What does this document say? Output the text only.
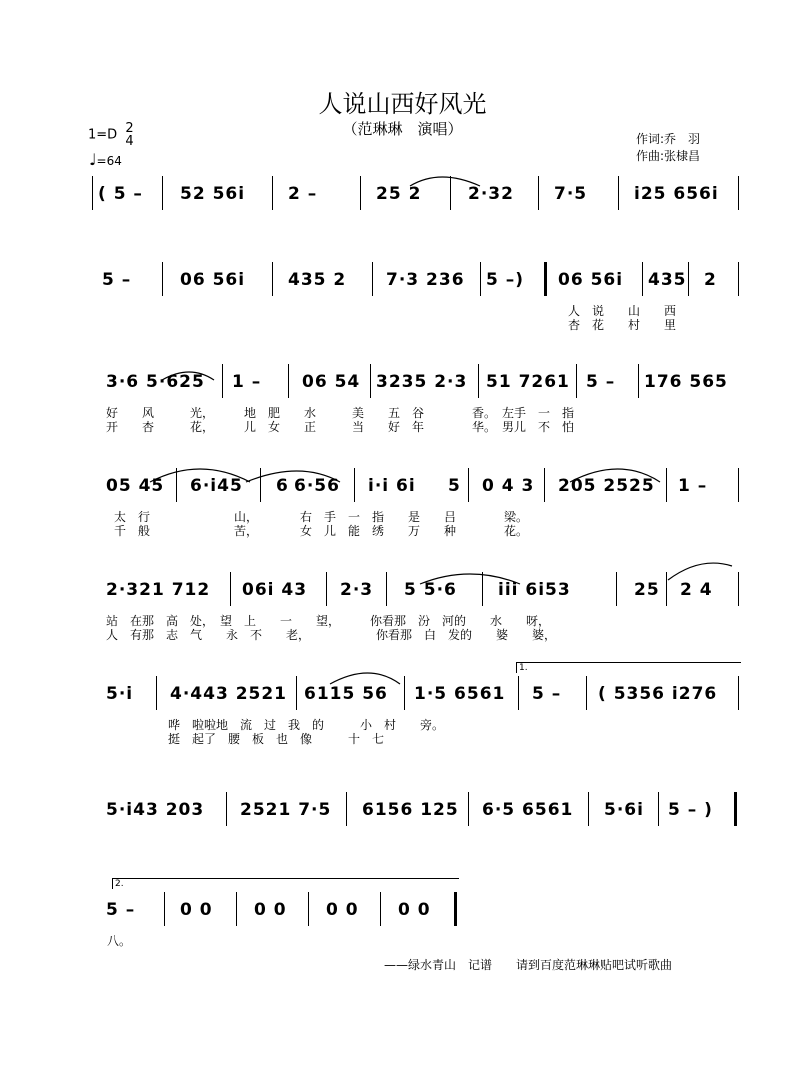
人说山西好风光
（范琳琳　演唱）
作词:乔　羽
作曲:张棣昌
1=D 2
4
♩=64
( 5 – 52 56i	2 –	25 2	2·32 7·5	i25 656i
5 –	06 56i	435 2 7·3 236 5 –) 06 56i 435 2
人　说　　山　　西
杏　花　　村　　里
3·6 5·625 1 – 06 54 3235 2·3 51 7261 5 – 176 565
好　　风　　　光，　　　地　肥　　水　　　美　　五　谷　　　　香。　左手　一　指
开　　杏　　　花，　　　儿　女　　正　　　当　　好　年　　　　华。　男儿　不　怕
05 45 6·i45 6 6·56 i·i 6i 5 0 4 3 205 2525 1 –
太　行　　　　　　　山，　　　　右　手　一　指　　是　　吕　　　　梁。
千　般　　　　　　　苦，　　　　女　儿　能　绣　　万　　种　　　　花。
2·321 712 06i 43 2·3 5 5·6 iii 6i53	25 2 4
站　在那　高　处，　望　上　　一　　望，　　　你看那　汾　河的　　水　　呀，
人　有那　志　气　　永　不　　老，　　　　　　你看那　白　发的　　婆　　婆，
1.
5·i 4·443 2521 6115 56 1·5 6561 5 – ( 5356 i276
哗　啦啦地　流　过　我　的　　　小　村　　旁。
挺　起了　腰　板　也　像　　　十　七
5·i43 203 2521 7·5 6156 125 6·5 6561 5·6i 5 – )
2.
5 –	0 0 0 0 0 0 0 0
八。
——绿水青山　记谱　　请到百度范琳琳贴吧试听歌曲
